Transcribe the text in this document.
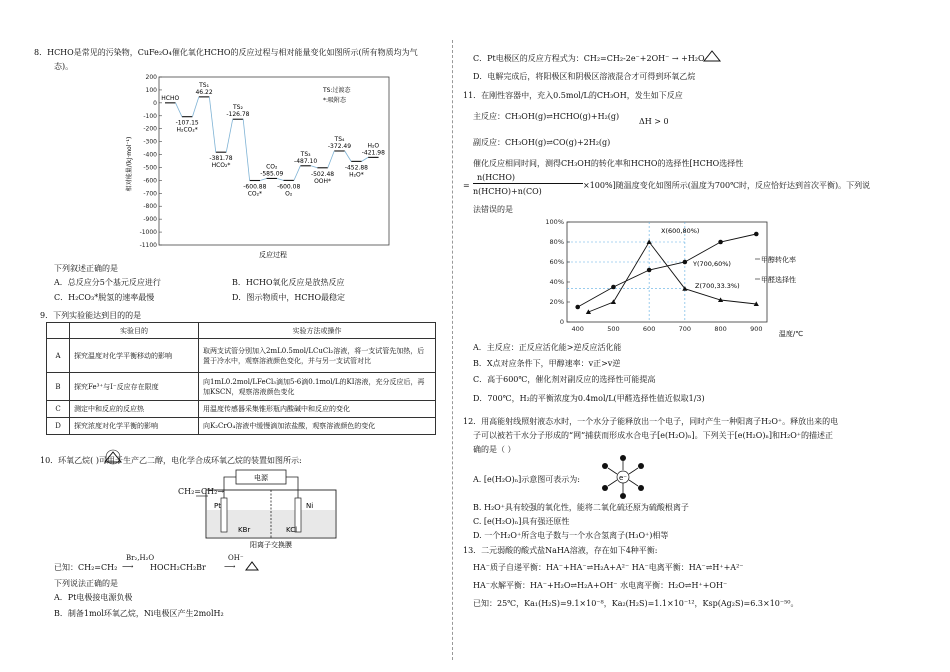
8．HCHO是常见的污染物，CuFe₂O₄催化氧化HCHO的反应过程与相对能量变化如图所示(所有物质均为气
态)。
200
100
0
-100
-200
-300
-400
-500
-600
-700
-800
-900
-1000
-1100
相对能量/(kJ·mol⁻¹)
反应过程
TS:过渡态
*:吸附态
HCHO
-107.15
H₂CO₂*
TS₁
46.22
-381.78
HCO₂*
TS₂
-126.78
-600.88
CO₂*
CO₂
-585.09
-600.08
O₂
TS₃
-487.10
-502.48
OOH*
TS₄
-372.49
-452.88
H₂O*
H₂O
-421.98
下列叙述正确的是
A．总反应分5个基元反应进行	B．HCHO氧化反应是放热反应
C．H₂CO₃*脱氢的速率最慢	D．图示物质中，HCHO最稳定
9．下列实验能达到目的的是
	实验目的	实验方法或操作
A	探究温度对化学平衡移动的影响	取两支试管分别加入2mL0.5mol/LCuCl₂溶液，将一支试管先加热，后置于冷水中，观察溶液颜色变化，并与另一支试管对比
B	探究Fe³⁺与I⁻反应存在限度	向1mL0.2mol/LFeCl₃滴加5-6滴0.1mol/L的KI溶液，充分反应后，再加KSCN，观察溶液颜色变化
C	测定中和反应的反应热	用温度传感器采集锥形瓶内酸碱中和反应的变化
D	探究浓度对化学平衡的影响	向K₂CrO₄溶液中缓慢滴加浓盐酸，观察溶液颜色的变化
10．环氧乙烷( )可用于生产乙二醇，电化学合成环氧乙烷的装置如图所示:
电源
Pt	Ni
KBr	KCl
阳离子交换膜
CH₂=CH₂→
已知：CH₂=CH₂
Br₂,H₂O
⟶ HOCH₂CH₂Br
OH⁻
⟶
下列说法正确的是
A．Pt电极接电源负极
B．制备1mol环氧乙烷，Ni电极区产生2molH₂
C．Pt电极区的反应方程式为：CH₂=CH₂-2e⁻+2OH⁻ → +H₂O
D．电解完成后，将阳极区和阴极区溶液混合才可得到环氧乙烷
11．在刚性容器中，充入0.5mol/L的CH₃OH，发生如下反应
主反应：CH₃OH(g)⇌HCHO(g)+H₂(g)
ΔH > 0
副反应：CH₃OH(g)⇌CO(g)+2H₂(g)
催化反应相同时间，测得CH₃OH的转化率和HCHO的选择性[HCHO选择性
n(HCHO)
=
n(HCHO)+n(CO)
×100%]随温度变化如图所示(温度为700℃时，反应恰好达到首次平衡)。下列说
法错误的是
0
20%
40%
60%
80%
100%
400	500	600	700	800	900
温度/℃
甲醇转化率
甲醛选择性
X(600,80%)
Y(700,60%)
Z(700,33.3%)
A．主反应：正反应活化能>逆反应活化能
B．X点对应条件下，甲醇速率：v正>v逆
C．高于600℃，催化剂对副反应的选择性可能提高
D．700℃，H₂的平衡浓度为0.4mol/L(甲醛选择性值近似取1/3)
12．用高能射线照射液态水时，一个水分子能释放出一个电子，同时产生一种阳离子H₂O⁺。释放出来的电
子可以被若干水分子形成的“网”捕获而形成水合电子[e(H₂O)ₙ]。下列关于[e(H₂O)ₙ]和H₂O⁺的描述正
确的是（ ）
A. [e(H₂O)ₙ]示意图可表示为:	e⁻
B. H₂O⁺具有较强的氧化性，能将二氧化硫还原为硫酸根离子
C. [e(H₂O)ₙ]具有强还原性
D. 一个H₂O⁺所含电子数与一个水合氢离子(H₃O⁺)相等
13．二元弱酸的酸式盐NaHA溶液，存在如下4种平衡:
HA⁻质子自递平衡：HA⁻+HA⁻⇌H₂A+A²⁻ HA⁻电离平衡：HA⁻⇌H⁺+A²⁻
HA⁻水解平衡：HA⁻+H₂O⇌H₂A+OH⁻ 水电离平衡：H₂O⇌H⁺+OH⁻
已知：25℃，Ka₁(H₂S)=9.1×10⁻⁸，Ka₂(H₂S)=1.1×10⁻¹²，Ksp(Ag₂S)=6.3×10⁻⁵⁰。
